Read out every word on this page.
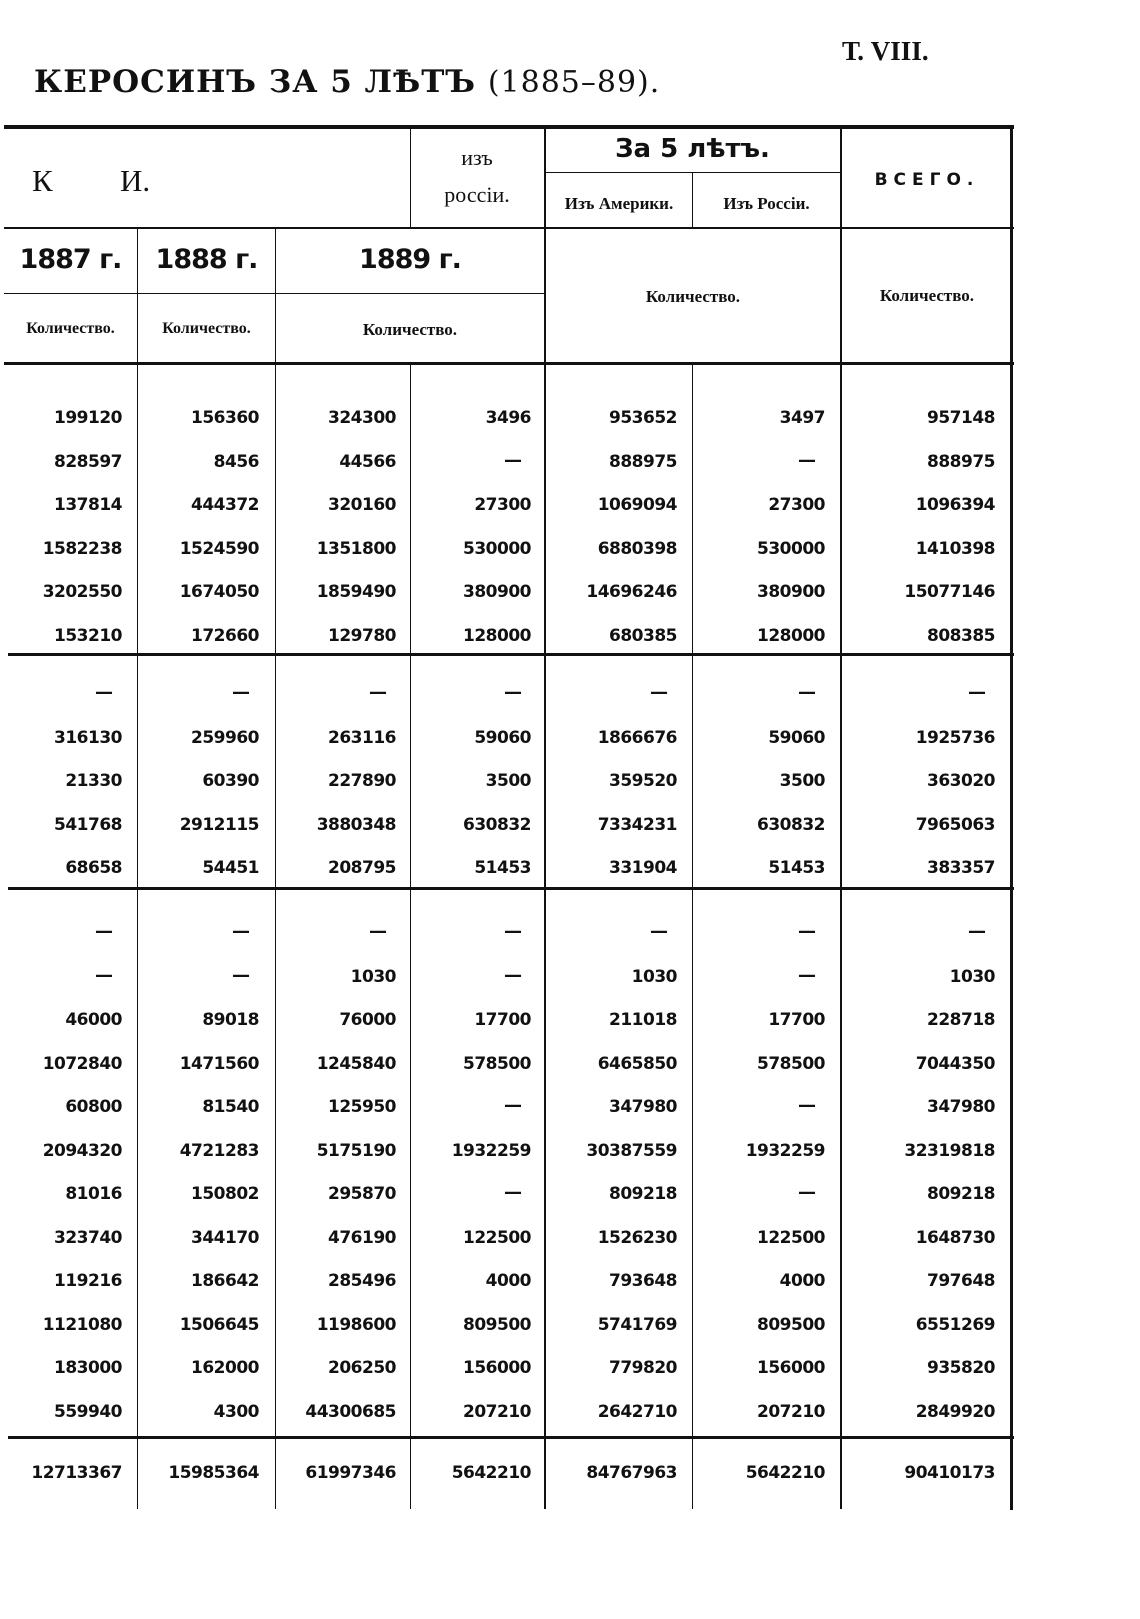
Т. VIII.
КЕРОСИНЪ ЗА 5 ЛѢТЪ (1885–89).
К И.
изъ
россіи.
За 5 лѣтъ.
Изъ Америки.	Изъ Россіи.
ВСЕГО.
1887 г.	1888 г.	1889 г.
Количество.	Количество.	Количество.
Количество.	Количество.
199120	156360	324300	3496	953652	3497	957148
828597	8456	44566	—	888975	—	888975
137814	444372	320160	27300	1069094	27300	1096394
1582238	1524590	1351800	530000	6880398	530000	1410398
3202550	1674050	1859490	380900	14696246	380900	15077146
153210	172660	129780	128000	680385	128000	808385
—	—	—	—	—	—	—
316130	259960	263116	59060	1866676	59060	1925736
21330	60390	227890	3500	359520	3500	363020
541768	2912115	3880348	630832	7334231	630832	7965063
68658	54451	208795	51453	331904	51453	383357
—	—	—	—	—	—	—
—	—	1030	—	1030	—	1030
46000	89018	76000	17700	211018	17700	228718
1072840	1471560	1245840	578500	6465850	578500	7044350
60800	81540	125950	—	347980	—	347980
2094320	4721283	5175190	1932259	30387559	1932259	32319818
81016	150802	295870	—	809218	—	809218
323740	344170	476190	122500	1526230	122500	1648730
119216	186642	285496	4000	793648	4000	797648
1121080	1506645	1198600	809500	5741769	809500	6551269
183000	162000	206250	156000	779820	156000	935820
559940	4300	44300685	207210	2642710	207210	2849920
12713367	15985364	61997346	5642210	84767963	5642210	90410173
